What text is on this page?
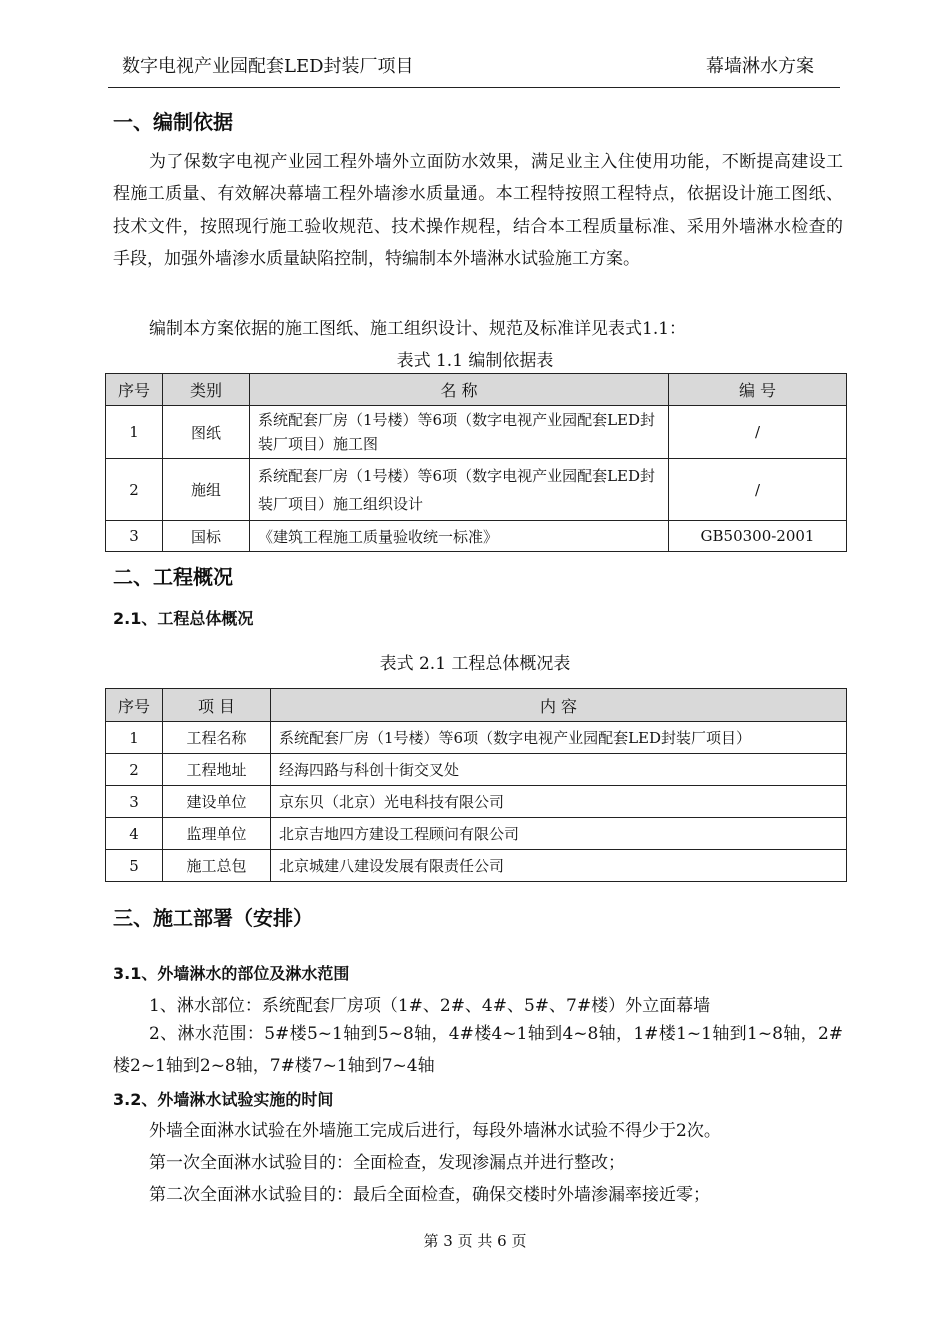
数字电视产业园配套LED封装厂项目	幕墙淋水方案
一、编制依据
为了保数字电视产业园工程外墙外立面防水效果，满足业主入住使用功能，不断提高建设工程施工质量、有效解决幕墙工程外墙渗水质量通。本工程特按照工程特点，依据设计施工图纸、技术文件，按照现行施工验收规范、技术操作规程，结合本工程质量标准、采用外墙淋水检查的手段，加强外墙渗水质量缺陷控制，特编制本外墙淋水试验施工方案。
编制本方案依据的施工图纸、施工组织设计、规范及标准详见表式1.1：
表式 1.1 编制依据表
序号	类别	名 称	编 号
1	图纸	系统配套厂房（1号楼）等6项（数字电视产业园配套LED封装厂项目）施工图	/
2	施组	系统配套厂房（1号楼）等6项（数字电视产业园配套LED封装厂项目）施工组织设计	/
3	国标	《建筑工程施工质量验收统一标准》	GB50300-2001
二、工程概况
2.1、工程总体概况
表式 2.1 工程总体概况表
序号	项 目	内 容
1	工程名称	系统配套厂房（1号楼）等6项（数字电视产业园配套LED封装厂项目）
2	工程地址	经海四路与科创十街交叉处
3	建设单位	京东贝（北京）光电科技有限公司
4	监理单位	北京吉地四方建设工程顾问有限公司
5	施工总包	北京城建八建设发展有限责任公司
三、施工部署（安排）
3.1、外墙淋水的部位及淋水范围
1、淋水部位：系统配套厂房项（1#、2#、4#、5#、7#楼）外立面幕墙
2、淋水范围：5#楼5~1轴到5~8轴，4#楼4~1轴到4~8轴，1#楼1~1轴到1~8轴，2#楼2~1轴到2~8轴，7#楼7~1轴到7~4轴
3.2、外墙淋水试验实施的时间
外墙全面淋水试验在外墙施工完成后进行，每段外墙淋水试验不得少于2次。
第一次全面淋水试验目的：全面检查，发现渗漏点并进行整改；
第二次全面淋水试验目的：最后全面检查，确保交楼时外墙渗漏率接近零；
第 3 页 共 6 页
